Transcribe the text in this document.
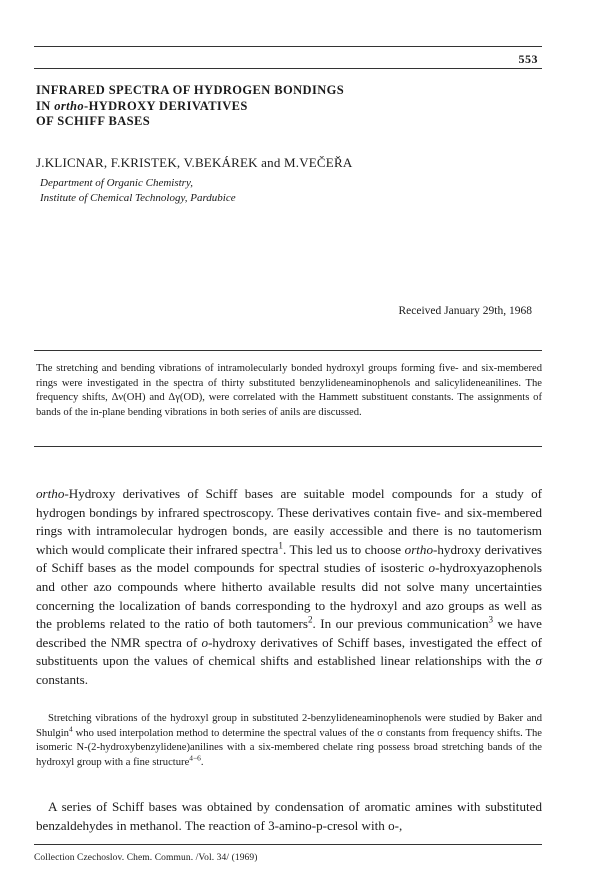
553
INFRARED SPECTRA OF HYDROGEN BONDINGS
IN ortho-HYDROXY DERIVATIVES
OF SCHIFF BASES
J.KLICNAR, F.KRISTEK, V.BEKÁREK and M.VEČEŘA
Department of Organic Chemistry,
Institute of Chemical Technology, Pardubice
Received January 29th, 1968
The stretching and bending vibrations of intramolecularly bonded hydroxyl groups forming five- and six-membered rings were investigated in the spectra of thirty substituted benzylideneaminophenols and salicylideneanilines. The frequency shifts, Δν(OH) and Δγ(OD), were correlated with the Hammett substituent constants. The assignments of bands of the in-plane bending vibrations in both series of anils are discussed.
ortho-Hydroxy derivatives of Schiff bases are suitable model compounds for a study of hydrogen bondings by infrared spectroscopy. These derivatives contain five- and six-membered rings with intramolecular hydrogen bonds, are easily accessible and there is no tautomerism which would complicate their infrared spectra$^1$. This led us to choose ortho-hydroxy derivatives of Schiff bases as the model compounds for spectral studies of isosteric o-hydroxyazophenols and other azo compounds where hitherto available results did not solve many uncertainties concerning the localization of bands corresponding to the hydroxyl and azo groups as well as the problems related to the ratio of both tautomers$^2$. In our previous communication$^3$ we have described the NMR spectra of o-hydroxy derivatives of Schiff bases, investigated the effect of substituents upon the values of chemical shifts and established linear relationships with the σ constants.
Stretching vibrations of the hydroxyl group in substituted 2-benzylideneaminophenols were studied by Baker and Shulgin$^4$ who used interpolation method to determine the spectral values of the σ constants from frequency shifts. The isomeric N-(2-hydroxybenzylidene)anilines with a six-membered chelate ring possess broad stretching bands of the hydroxyl group with a fine structure$^{4-6}$.
A series of Schiff bases was obtained by condensation of aromatic amines with substituted benzaldehydes in methanol. The reaction of 3-amino-p-cresol with o-,
Collection Czechoslov. Chem. Commun. /Vol. 34/ (1969)
